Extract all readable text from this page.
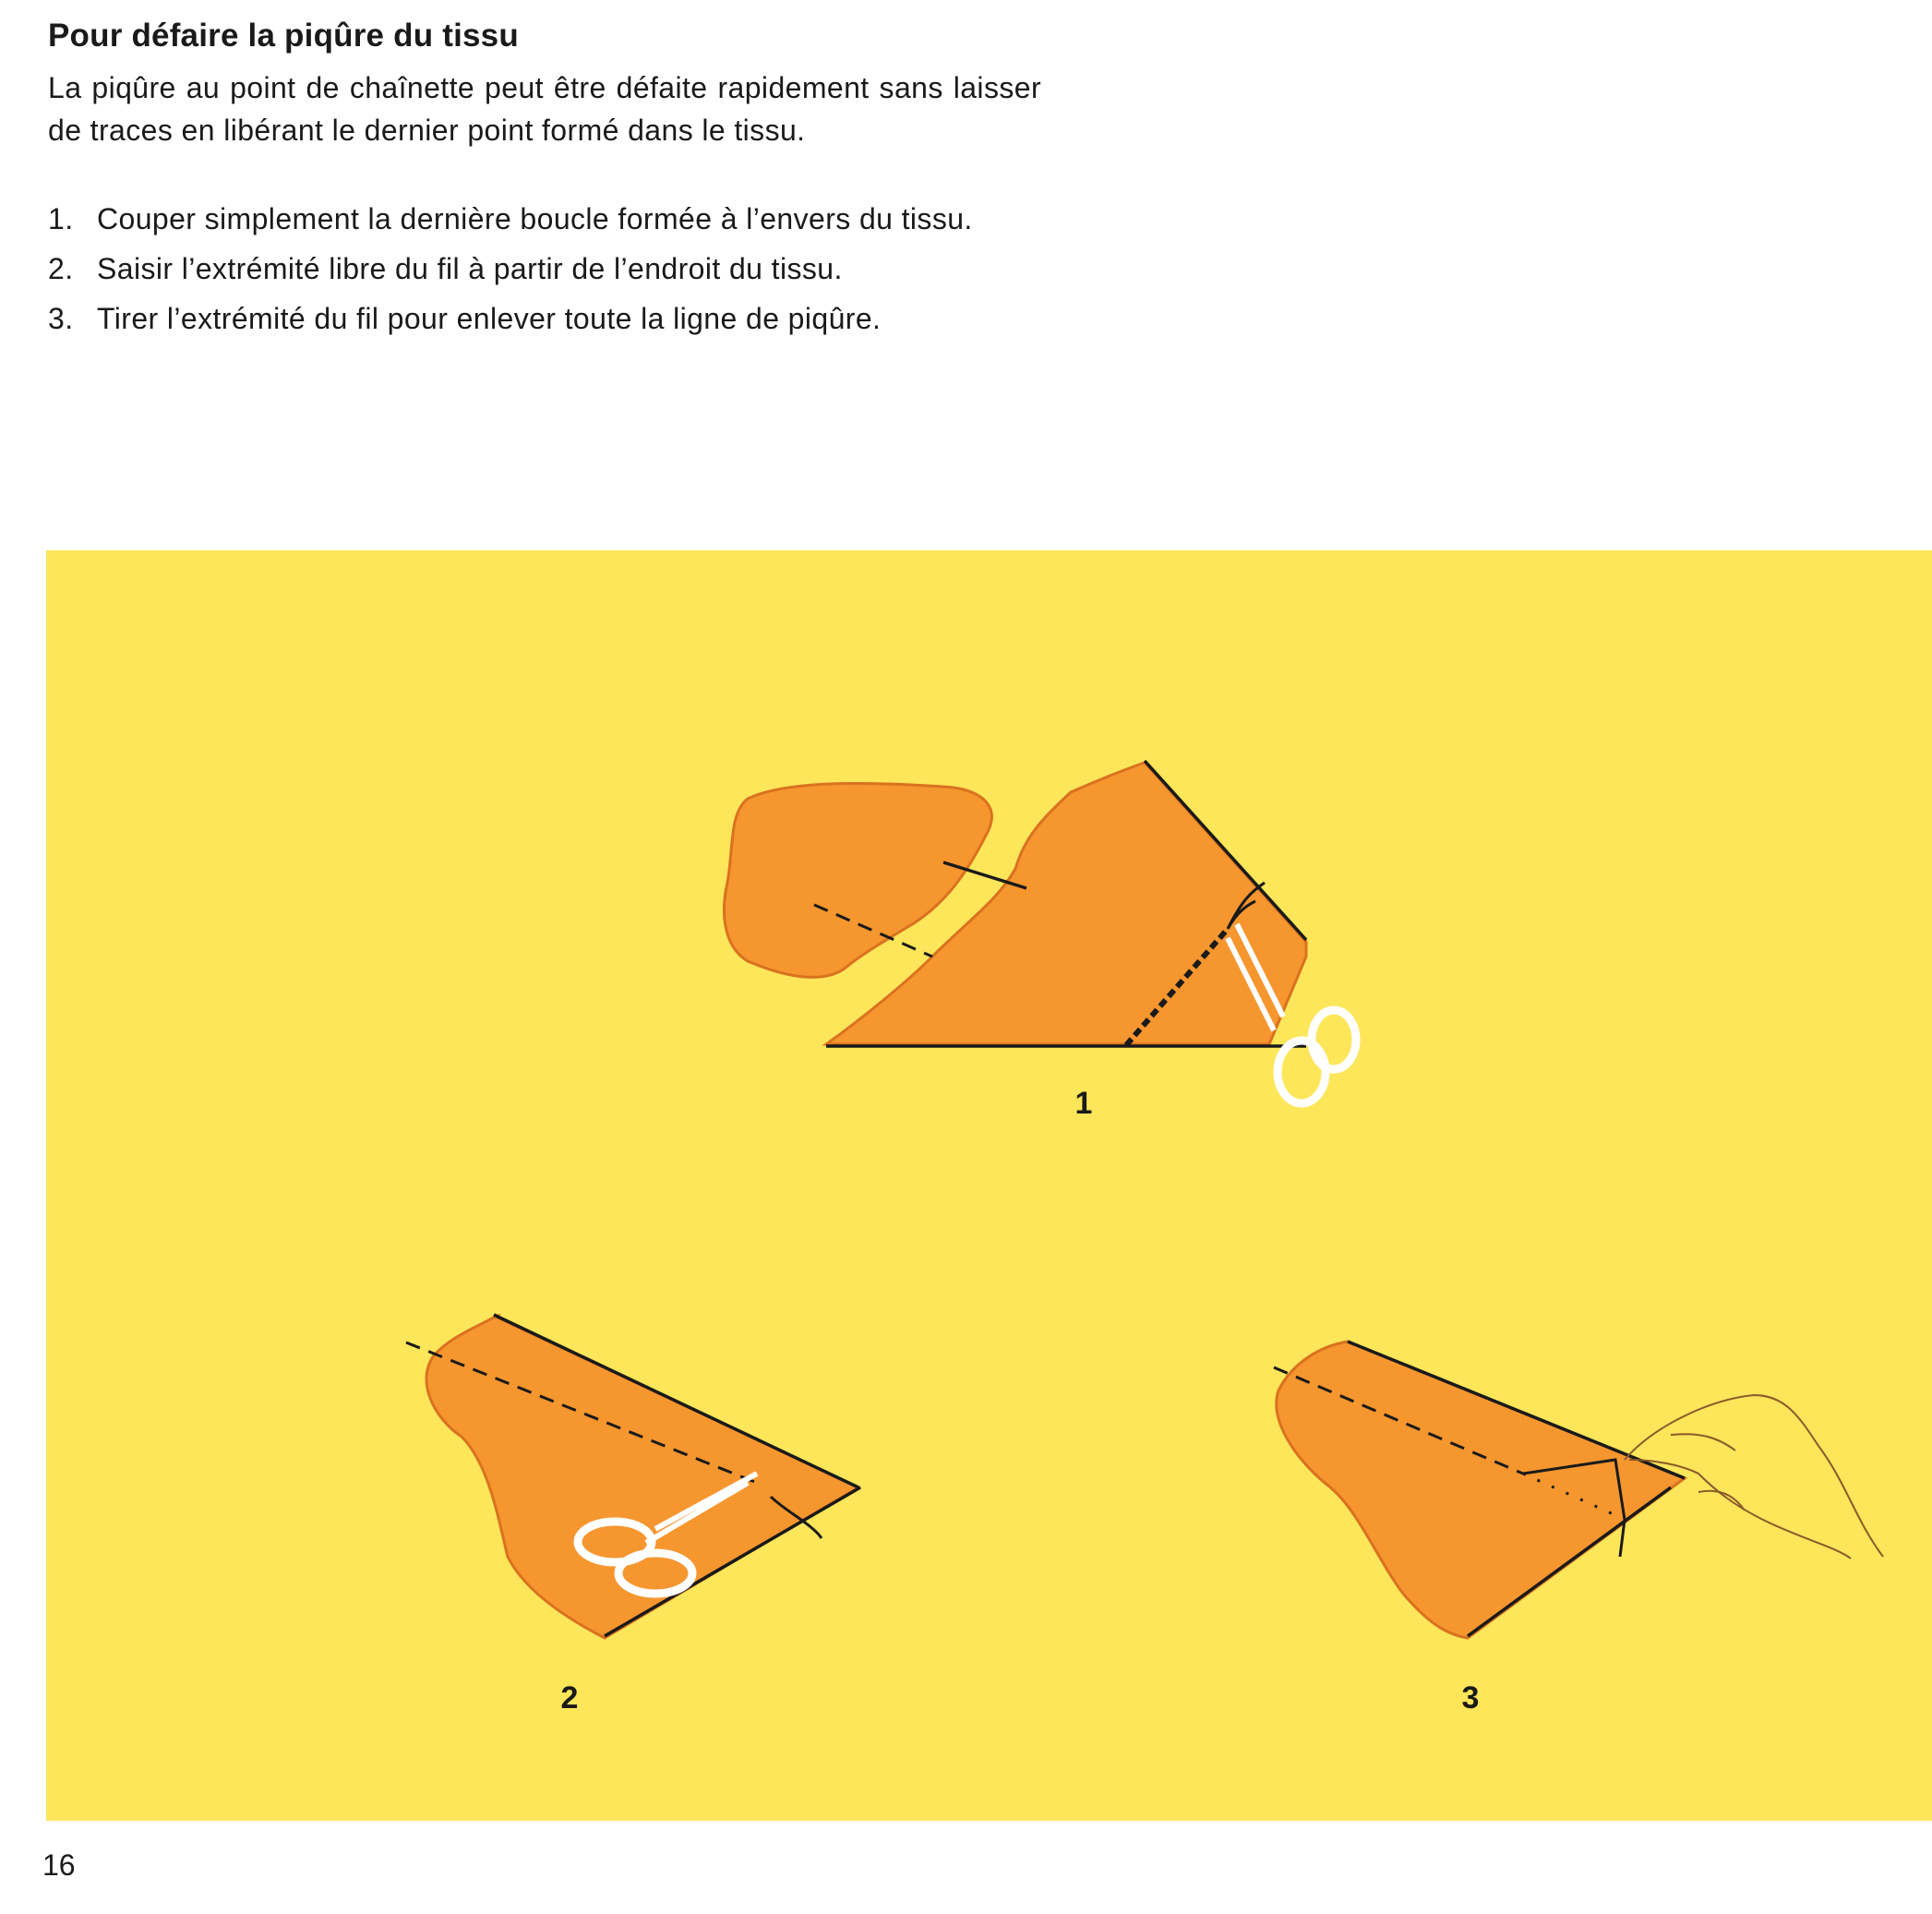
Pour défaire la piqûre du tissu

La piqûre au point de chaînette peut être défaite rapidement sans laisser de traces en libérant le dernier point formé dans le tissu.

1. Couper simplement la dernière boucle formée à l’envers du tissu.
2. Saisir l’extrémité libre du fil à partir de l’endroit du tissu.
3. Tirer l’extrémité du fil pour enlever toute la ligne de piqûre.
1
2	3
16
